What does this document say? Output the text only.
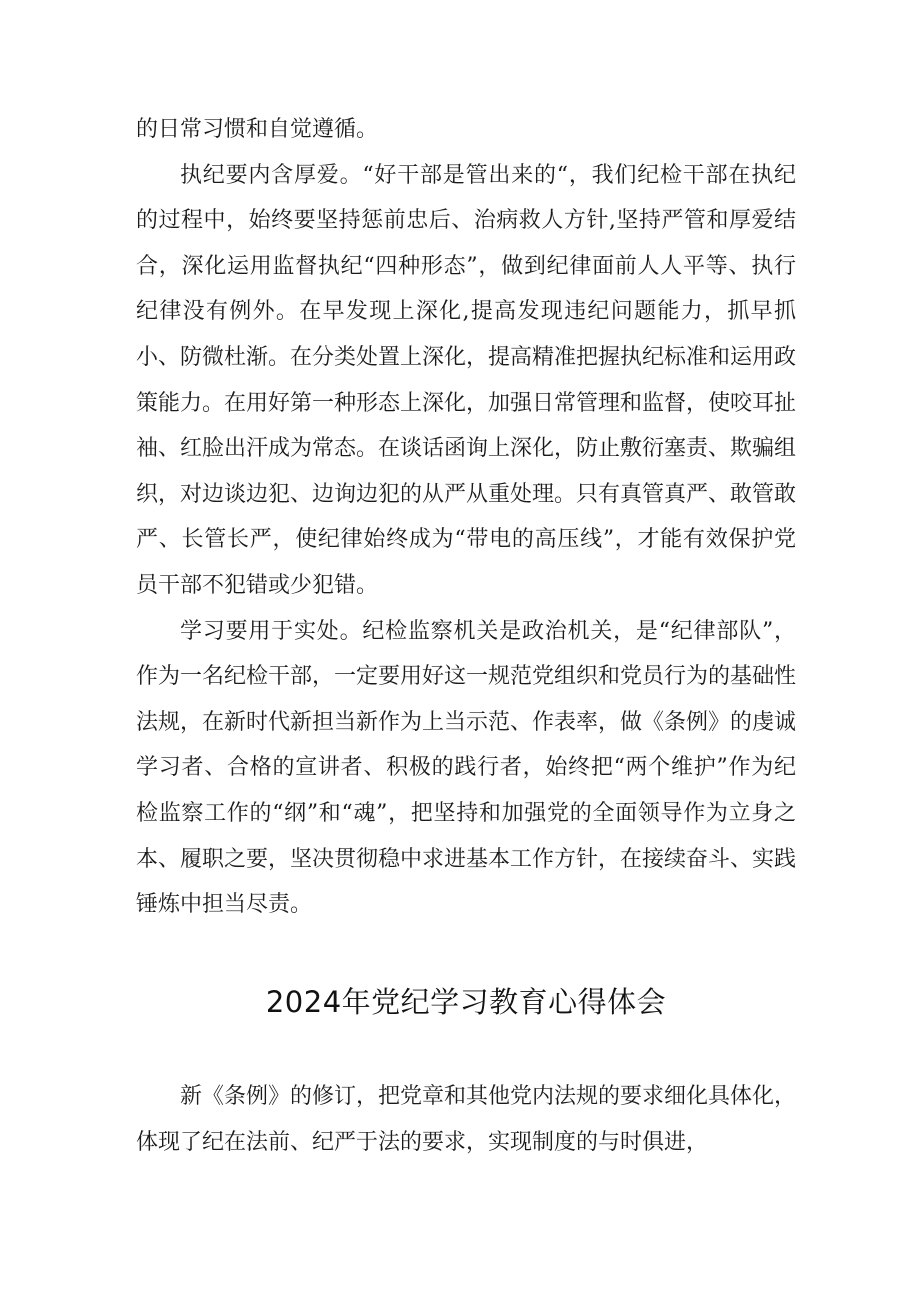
的日常习惯和自觉遵循。

执纪要内含厚爱。“好干部是管出来的“，我们纪检干部在执纪的过程中，始终要坚持惩前忠后、治病救人方针,坚持严管和厚爱结合，深化运用监督执纪“四种形态”，做到纪律面前人人平等、执行纪律没有例外。在早发现上深化,提高发现违纪问题能力，抓早抓小、防微杜渐。在分类处置上深化，提高精准把握执纪标准和运用政策能力。在用好第一种形态上深化，加强日常管理和监督，使咬耳扯袖、红脸出汗成为常态。在谈话函询上深化，防止敷衍塞责、欺骗组织，对边谈边犯、边询边犯的从严从重处理。只有真管真严、敢管敢严、长管长严，使纪律始终成为“带电的高压线”，才能有效保护党员干部不犯错或少犯错。

学习要用于实处。纪检监察机关是政治机关，是“纪律部队”，作为一名纪检干部，一定要用好这一规范党组织和党员行为的基础性法规，在新时代新担当新作为上当示范、作表率，做《条例》的虔诚学习者、合格的宣讲者、积极的践行者，始终把“两个维护”作为纪检监察工作的“纲”和“魂”，把坚持和加强党的全面领导作为立身之本、履职之要，坚决贯彻稳中求进基本工作方针，在接续奋斗、实践锤炼中担当尽责。

2024年党纪学习教育心得体会

新《条例》的修订，把党章和其他党内法规的要求细化具体化，体现了纪在法前、纪严于法的要求，实现制度的与时俱进，
